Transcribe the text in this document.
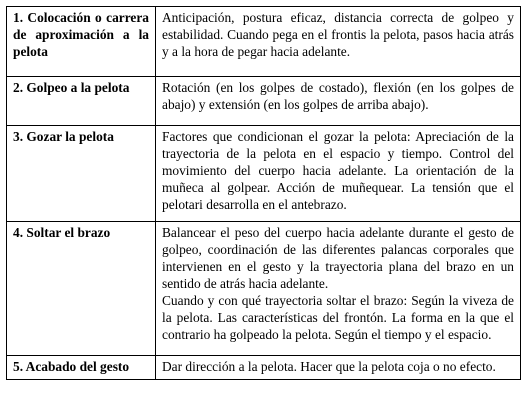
1. Colocación o carrera de aproximación a la pelota	Anticipación, postura eficaz, distancia correcta de golpeo y estabilidad. Cuando pega en el frontis la pelota, pasos hacia atrás y a la hora de pegar hacia adelante.

2. Golpeo a la pelota	Rotación (en los golpes de costado), flexión (en los golpes de abajo) y extensión (en los golpes de arriba abajo).

3. Gozar la pelota	Factores que condicionan el gozar la pelota: Apreciación de la trayectoria de la pelota en el espacio y tiempo. Control del movimiento del cuerpo hacia adelante. La orientación de la muñeca al golpear. Acción de muñequear. La tensión que el pelotari desarrolla en el antebrazo.

4. Soltar el brazo	Balancear el peso del cuerpo hacia adelante durante el gesto de golpeo, coordinación de las diferentes palancas corporales que intervienen en el gesto y la trayectoria plana del brazo en un sentido de atrás hacia adelante.

Cuando y con qué trayectoria soltar el brazo: Según la viveza de la pelota. Las características del frontón. La forma en la que el contrario ha golpeado la pelota. Según el tiempo y el espacio.

5. Acabado del gesto	Dar dirección a la pelota. Hacer que la pelota coja o no efecto.
